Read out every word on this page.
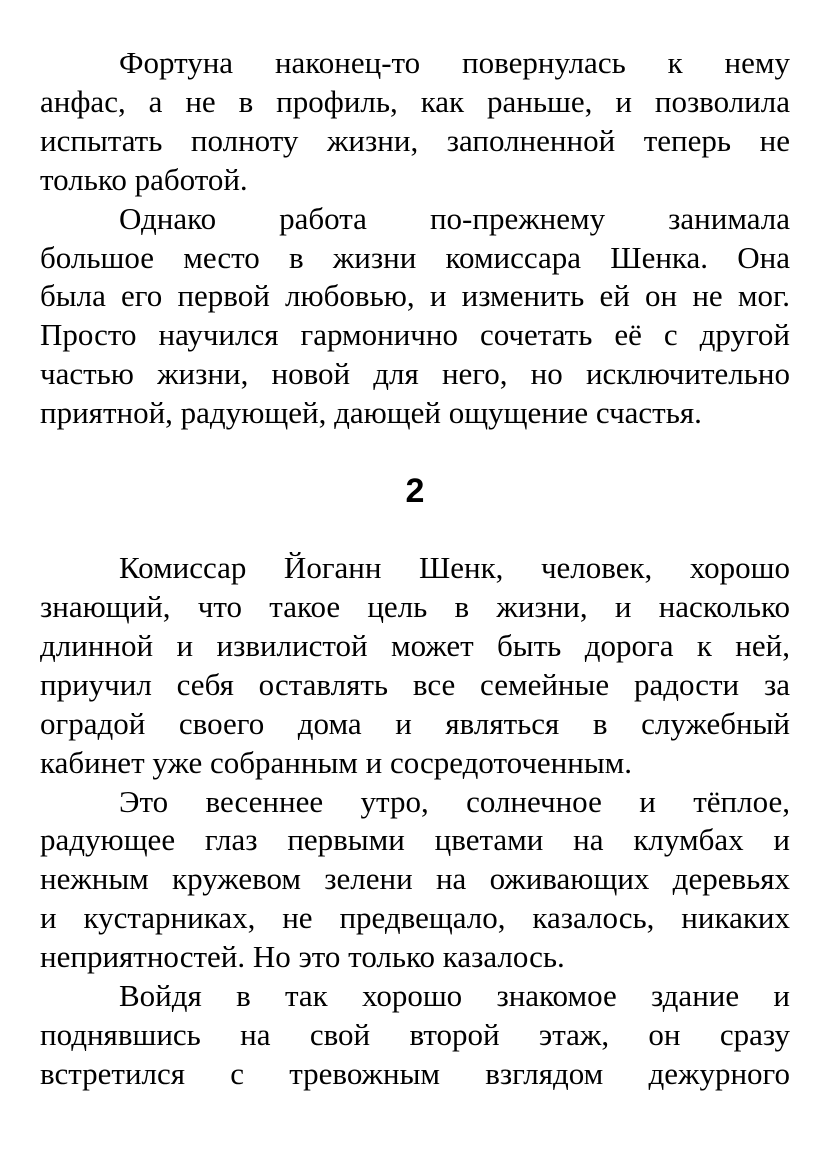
Фортуна наконец-то повернулась к нему
анфас, а не в профиль, как раньше, и позволила
испытать полноту жизни, заполненной теперь не
только работой.

Однако работа по-прежнему занимала
большое место в жизни комиссара Шенка. Она
была его первой любовью, и изменить ей он не мог.
Просто научился гармонично сочетать её с другой
частью жизни, новой для него, но исключительно
приятной, радующей, дающей ощущение счастья.

2

Комиссар Йоганн Шенк, человек, хорошо
знающий, что такое цель в жизни, и насколько
длинной и извилистой может быть дорога к ней,
приучил себя оставлять все семейные радости за
оградой своего дома и являться в служебный
кабинет уже собранным и сосредоточенным.

Это весеннее утро, солнечное и тёплое,
радующее глаз первыми цветами на клумбах и
нежным кружевом зелени на оживающих деревьях
и кустарниках, не предвещало, казалось, никаких
неприятностей. Но это только казалось.

Войдя в так хорошо знакомое здание и
поднявшись на свой второй этаж, он сразу
встретился с тревожным взглядом дежурного
